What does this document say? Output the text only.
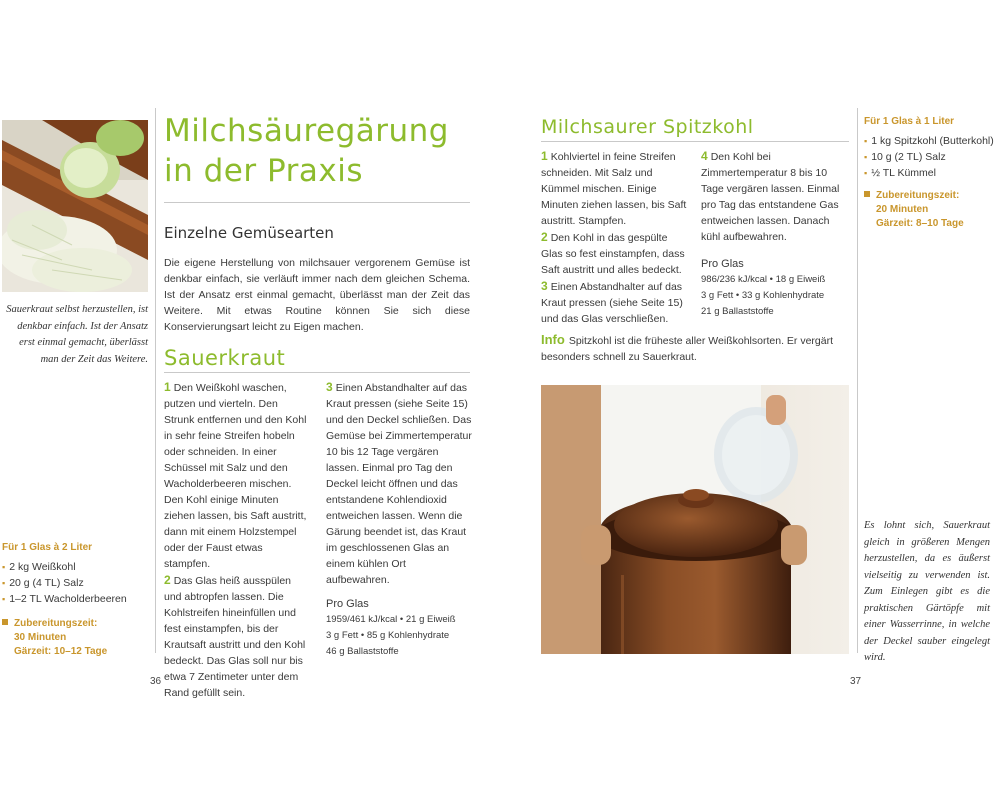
Sauerkraut selbst herzustellen, ist denkbar einfach. Ist der Ansatz erst einmal gemacht, überlässt man der Zeit das Weitere.
Milchsäuregärung
in der Praxis
Einzelne Gemüsearten
Die eigene Herstellung von milchsauer vergorenem Gemüse ist denkbar einfach, sie verläuft immer nach dem gleichen Schema. Ist der Ansatz erst einmal gemacht, überlässt man der Zeit das Weitere. Mit etwas Routine können Sie sich diese Konservierungsart leicht zu Eigen machen.
Sauerkraut
1 Den Weißkohl waschen, putzen und vierteln. Den Strunk entfernen und den Kohl in sehr feine Streifen hobeln oder schneiden. In einer Schüssel mit Salz und den Wacholderbeeren mischen. Den Kohl einige Minuten ziehen lassen, bis Saft austritt, dann mit einem Holzstempel oder der Faust etwas stampfen.
2 Das Glas heiß ausspülen und abtropfen lassen. Die Kohlstreifen hineinfüllen und fest einstampfen, bis der Krautsaft austritt und den Kohl bedeckt. Das Glas soll nur bis etwa 7 Zentimeter unter dem Rand gefüllt sein.
3 Einen Abstandhalter auf das Kraut pressen (siehe Seite 15) und den Deckel schließen. Das Gemüse bei Zimmertemperatur 10 bis 12 Tage vergären lassen. Einmal pro Tag den Deckel leicht öffnen und das entstandene Kohlendioxid entweichen lassen. Wenn die Gärung beendet ist, das Kraut im geschlossenen Glas an einem kühlen Ort aufbewahren.
Pro Glas
1959/461 kJ/kcal • 21 g Eiweiß
3 g Fett • 85 g Kohlenhydrate
46 g Ballaststoffe
Für 1 Glas à 2 Liter
▪ 2 kg Weißkohl
▪ 20 g (4 TL) Salz
▪ 1–2 TL Wacholderbeeren
Zubereitungszeit:
30 Minuten
Gärzeit: 10–12 Tage
36
Milchsaurer Spitzkohl
1 Kohlviertel in feine Streifen schneiden. Mit Salz und Kümmel mischen. Einige Minuten ziehen lassen, bis Saft austritt. Stampfen.
2 Den Kohl in das gespülte Glas so fest einstampfen, dass Saft austritt und alles bedeckt.
3 Einen Abstandhalter auf das Kraut pressen (siehe Seite 15) und das Glas verschließen.
4 Den Kohl bei Zimmertemperatur 8 bis 10 Tage vergären lassen. Einmal pro Tag das entstandene Gas entweichen lassen. Danach kühl aufbewahren.
Pro Glas
986/236 kJ/kcal • 18 g Eiweiß
3 g Fett • 33 g Kohlenhydrate
21 g Ballaststoffe
Info Spitzkohl ist die früheste aller Weißkohlsorten. Er vergärt besonders schnell zu Sauerkraut.
Für 1 Glas à 1 Liter
▪ 1 kg Spitzkohl (Butterkohl)
▪ 10 g (2 TL) Salz
▪ ½ TL Kümmel
Zubereitungszeit:
20 Minuten
Gärzeit: 8–10 Tage
Es lohnt sich, Sauerkraut gleich in größeren Mengen herzustellen, da es äußerst vielseitig zu verwenden ist. Zum Einlegen gibt es die praktischen Gärtöpfe mit einer Wasserrinne, in welche der Deckel sauber eingelegt wird.
37
